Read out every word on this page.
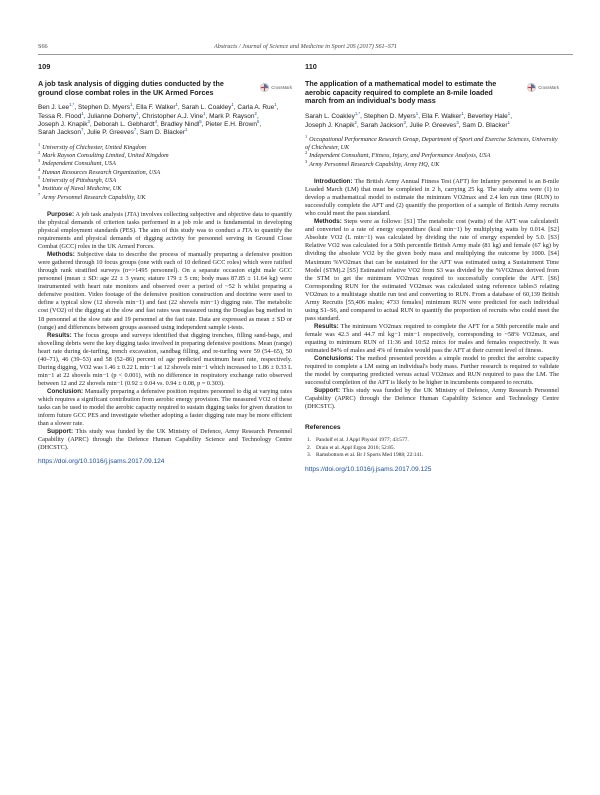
S66	Abstracts / Journal of Science and Medicine in Sport 20S (2017) S61–S71
109
A job task analysis of digging duties conducted by the ground close combat roles in the UK Armed Forces
CrossMark
Ben J. Lee$^{1,*}$, Stephen D. Myers$^1$, Ella F. Walker$^1$, Sarah L. Coakley$^1$, Carla A. Rue$^1$, Tessa R. Flood$^1$, Julianne Doherty$^1$, Christopher A.J. Vine$^1$, Mark P. Rayson$^2$, Joseph J. Knapik$^3$, Deborah L. Gebhardt$^4$, Bradley Nindl$^5$, Pieter E.H. Brown$^6$, Sarah Jackson$^7$, Julie P. Greeves$^7$, Sam D. Blacker$^1$
$^1$ University of Chichester, United Kingdom
$^2$ Mark Rayson Consulting Limited, United Kingdom
$^3$ Independent Consultant, USA
$^4$ Human Resources Research Organization, USA
$^5$ University of Pittsburgh, USA
$^6$ Institute of Naval Medicine, UK
$^7$ Army Personnel Research Capability, UK

Purpose: A job task analysis (JTA) involves collecting subjective and objective data to quantify the physical demands of criterion tasks performed in a job role and is fundamental in developing physical employment standards (PES). The aim of this study was to conduct a JTA to quantify the requirements and physical demands of digging activity for personnel serving in Ground Close Combat (GCC) roles in the UK Armed Forces.

Methods: Subjective data to describe the process of manually preparing a defensive position were gathered through 10 focus groups (one with each of 10 defined GCC roles) which were ratified through rank stratified surveys (n=>1495 personnel). On a separate occasion eight male GCC personnel (mean ± SD: age 22 ± 3 years; stature 179 ± 5 cm; body mass 87.85 ± 11.64 kg) were instrumented with heart rate monitors and observed over a period of ~52 h whilst preparing a defensive position. Video footage of the defensive position construction and doctrine were used to define a typical slow (12 shovels min−1) and fast (22 shovels min−1) digging rate. The metabolic cost (VO2) of the digging at the slow and fast rates was measured using the Douglas bag method in 18 personnel at the slow rate and 19 personnel at the fast rate. Data are expressed as mean ± SD or (range) and differences between groups assessed using independent sample t-tests.

Results: The focus groups and surveys identified that digging trenches, filling sand-bags, and shovelling debris were the key digging tasks involved in preparing defensive positions. Mean (range) heart rate during de-turfing, trench excavation, sandbag filling, and re-turfing were 59 (54–65), 50 (40–71), 46 (39–53) and 58 (52–86) percent of age predicted maximum heart rate, respectively. During digging, VO2 was 1.46 ± 0.22 L min−1 at 12 shovels min−1 which increased to 1.86 ± 0.33 L min−1 at 22 shovels min−1 (p < 0.001), with no difference in respiratory exchange ratio observed between 12 and 22 shovels min−1 (0.92 ± 0.04 vs. 0.94 ± 0.08, p = 0.303).

Conclusion: Manually preparing a defensive position requires personnel to dig at varying rates which requires a significant contribution from aerobic energy provision. The measured VO2 of these tasks can be used to model the aerobic capacity required to sustain digging tasks for given duration to inform future GCC PES and investigate whether adopting a faster digging rate may be more efficient than a slower rate.

Support: This study was funded by the UK Ministry of Defence, Army Research Personnel Capability (APRC) through the Defence Human Capability Science and Technology Centre (DHCSTC).

https://doi.org/10.1016/j.jsams.2017.09.124
110
The application of a mathematical model to estimate the aerobic capacity required to complete an 8-mile loaded march from an individual's body mass
CrossMark
Sarah L. Coakley$^{1,*}$, Stephen D. Myers$^1$, Ella F. Walker$^1$, Beverley Hale$^1$, Joseph J. Knapik$^2$, Sarah Jackson$^3$, Julie P. Greeves$^3$, Sam D. Blacker$^1$
$^1$ Occupational Performance Research Group, Department of Sport and Exercise Sciences, University of Chichester, UK
$^2$ Independent Consultant, Fitness, Injury, and Performance Analysis, USA
$^3$ Army Personnel Research Capability, Army HQ, UK

Introduction: The British Army Annual Fitness Test (AFT) for Infantry personnel is an 8-mile Loaded March (LM) that must be completed in 2 h, carrying 25 kg. The study aims were (1) to develop a mathematical model to estimate the minimum VO2max and 2.4 km run time (RUN) to successfully complete the AFT and (2) quantify the proportion of a sample of British Army recruits who could meet the pass standard.

Methods: Steps were as follows: [S1] The metabolic cost (watts) of the AFT was calculated1 and converted to a rate of energy expenditure (kcal min−1) by multiplying watts by 0.014. [S2] Absolute VO2 (L min−1) was calculated by dividing the rate of energy expended by 5.0. [S3] Relative VO2 was calculated for a 50th percentile British Army male (81 kg) and female (67 kg) by dividing the absolute VO2 by the given body mass and multiplying the outcome by 1000. [S4] Maximum %VO2max that can be sustained for the AFT was estimated using a Sustainment Time Model (STM).2 [S5] Estimated relative VO2 from S3 was divided by the %VO2max derived from the STM to get the minimum VO2max required to successfully complete the AFT. [S6] Corresponding RUN for the estimated VO2max was calculated using reference tables3 relating VO2max to a multistage shuttle run test and converting to RUN. From a database of 60,139 British Army Recruits [55,406 males; 4733 females] minimum RUN were predicted for each individual using S1–S6, and compared to actual RUN to quantify the proportion of recruits who could meet the pass standard.

Results: The minimum VO2max required to complete the AFT for a 50th percentile male and female was 42.3 and 44.7 ml kg−1 min−1 respectively, corresponding to ~58% VO2max, and equating to minimum RUN of 11:36 and 10:52 min:s for males and females respectively. It was estimated 84% of males and 4% of females would pass the AFT at their current level of fitness.

Conclusions: The method presented provides a simple model to predict the aerobic capacity required to complete a LM using an individual's body mass. Further research is required to validate the model by comparing predicted versus actual VO2max and RUN required to pass the LM. The successful completion of the AFT is likely to be higher in incumbents compared to recruits.

Support: This study was funded by the UK Ministry of Defence, Army Research Personnel Capability (APRC) through the Defence Human Capability Science and Technology Centre (DHCSTC).

References
1. Pandolf et al. J Appl Physiol 1977; 43:577.
2. Drain et al. Appl Ergon 2016; 52:85.
3. Ramsbottom et al. Br J Sports Med 1988; 22:141.
https://doi.org/10.1016/j.jsams.2017.09.125
